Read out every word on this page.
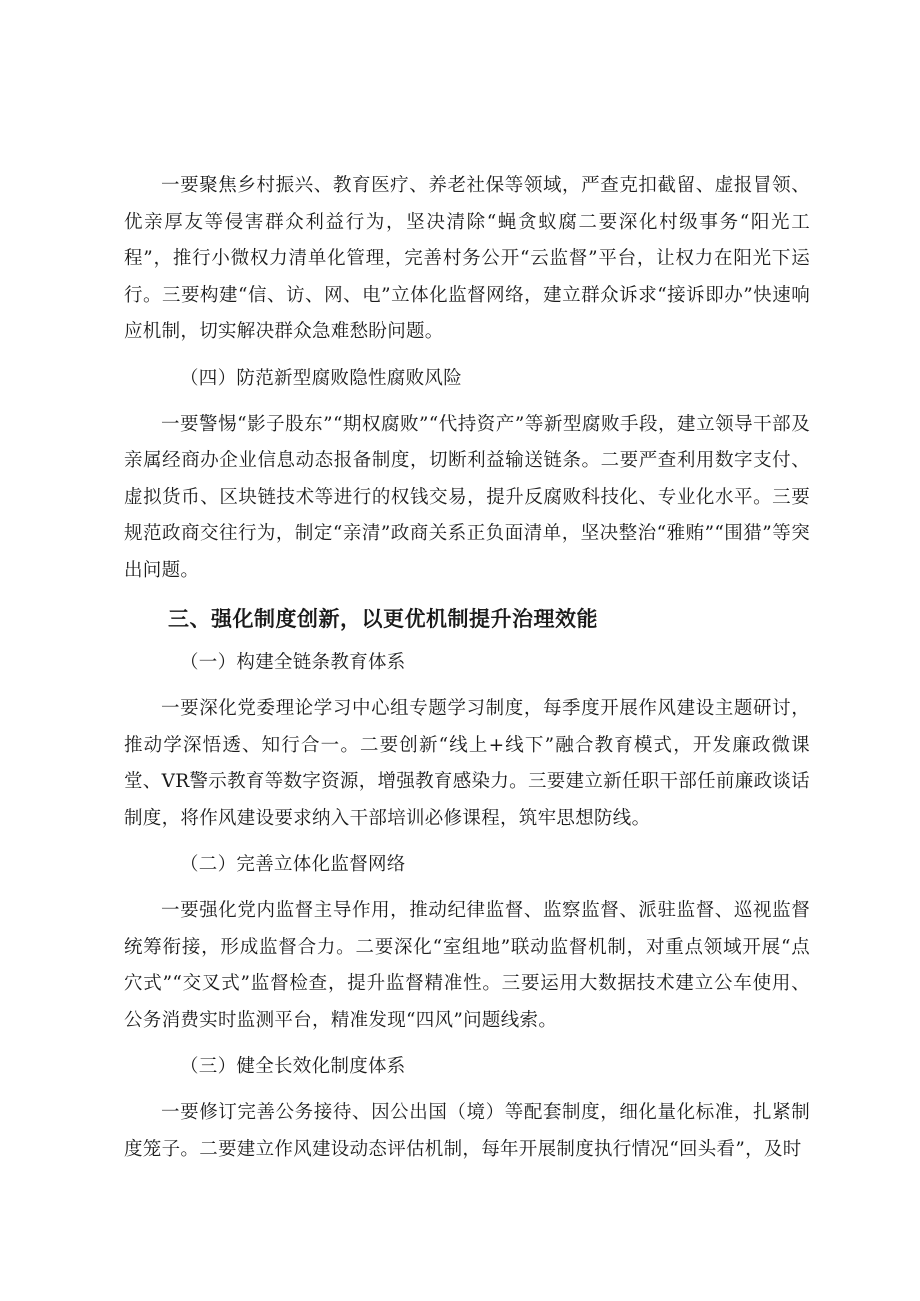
一要聚焦乡村振兴、教育医疗、养老社保等领域，严查克扣截留、虚报冒领、优亲厚友等侵害群众利益行为，坚决清除“蝇贪蚁腐二要深化村级事务“阳光工程”，推行小微权力清单化管理，完善村务公开“云监督”平台，让权力在阳光下运行。三要构建“信、访、网、电”立体化监督网络，建立群众诉求“接诉即办”快速响应机制，切实解决群众急难愁盼问题。

（四）防范新型腐败隐性腐败风险

一要警惕“影子股东”“期权腐败”“代持资产”等新型腐败手段，建立领导干部及亲属经商办企业信息动态报备制度，切断利益输送链条。二要严查利用数字支付、虚拟货币、区块链技术等进行的权钱交易，提升反腐败科技化、专业化水平。三要规范政商交往行为，制定“亲清”政商关系正负面清单，坚决整治“雅贿”“围猎”等突出问题。

三、强化制度创新，以更优机制提升治理效能
（一）构建全链条教育体系

一要深化党委理论学习中心组专题学习制度，每季度开展作风建设主题研讨，推动学深悟透、知行合一。二要创新“线上+线下”融合教育模式，开发廉政微课堂、VR警示教育等数字资源，增强教育感染力。三要建立新任职干部任前廉政谈话制度，将作风建设要求纳入干部培训必修课程，筑牢思想防线。

（二）完善立体化监督网络

一要强化党内监督主导作用，推动纪律监督、监察监督、派驻监督、巡视监督统筹衔接，形成监督合力。二要深化“室组地”联动监督机制，对重点领域开展“点穴式”“交叉式”监督检查，提升监督精准性。三要运用大数据技术建立公车使用、公务消费实时监测平台，精准发现“四风”问题线索。

（三）健全长效化制度体系

一要修订完善公务接待、因公出国（境）等配套制度，细化量化标准，扎紧制度笼子。二要建立作风建设动态评估机制，每年开展制度执行情况“回头看”，及时
